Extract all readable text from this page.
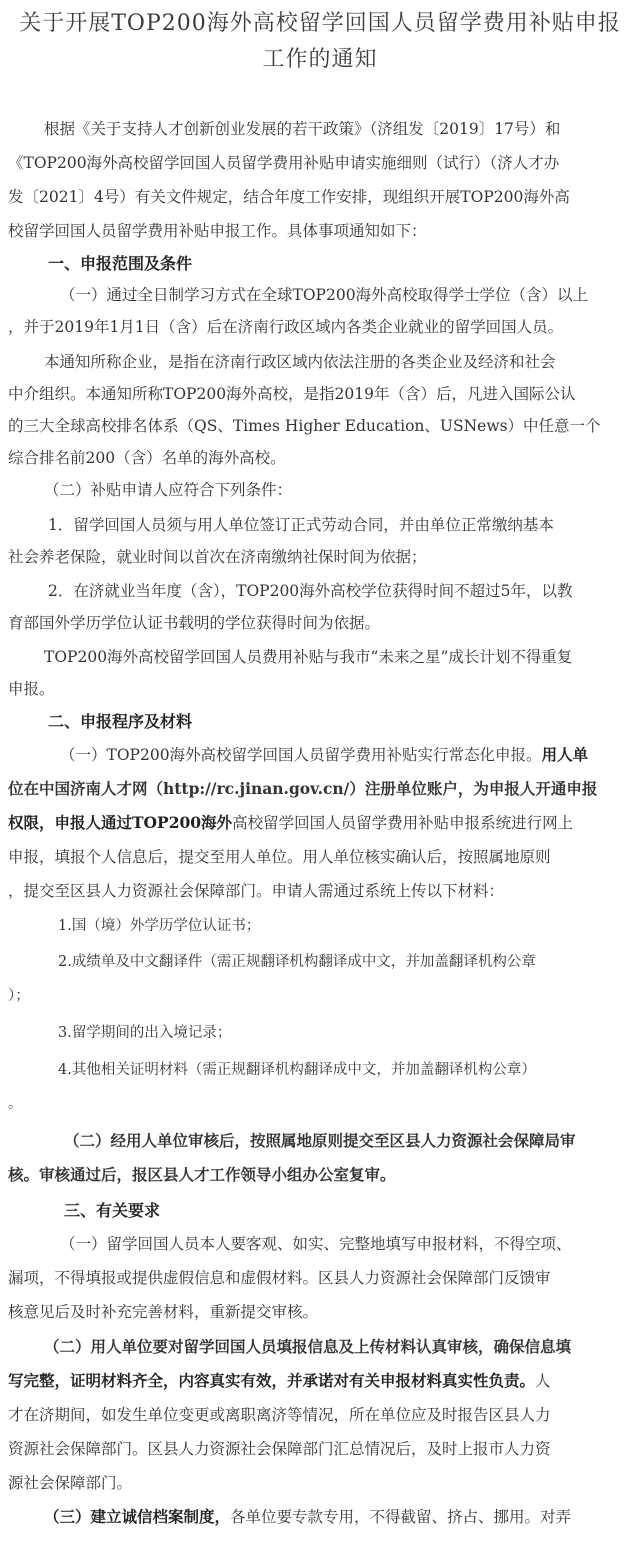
关于开展TOP200海外高校留学回国人员留学费用补贴申报
工作的通知
根据《关于支持人才创新创业发展的若干政策》（济组发〔2019〕17号）和
《TOP200海外高校留学回国人员留学费用补贴申请实施细则（试行）（济人才办
发〔2021〕4号）有关文件规定，结合年度工作安排，现组织开展TOP200海外高
校留学回国人员留学费用补贴申报工作。具体事项通知如下：
一、申报范围及条件
（一）通过全日制学习方式在全球TOP200海外高校取得学士学位（含）以上
，并于2019年1月1日（含）后在济南行政区域内各类企业就业的留学回国人员。
本通知所称企业，是指在济南行政区域内依法注册的各类企业及经济和社会
中介组织。本通知所称TOP200海外高校，是指2019年（含）后，凡进入国际公认
的三大全球高校排名体系（QS、Times Higher Education、USNews）中任意一个
综合排名前200（含）名单的海外高校。
（二）补贴申请人应符合下列条件：
1．留学回国人员须与用人单位签订正式劳动合同，并由单位正常缴纳基本
社会养老保险，就业时间以首次在济南缴纳社保时间为依据；
2．在济就业当年度（含），TOP200海外高校学位获得时间不超过5年，以教
育部国外学历学位认证书载明的学位获得时间为依据。
TOP200海外高校留学回国人员费用补贴与我市“未来之星”成长计划不得重复
申报。
二、申报程序及材料
（一）TOP200海外高校留学回国人员留学费用补贴实行常态化申报。用人单
位在中国济南人才网（http://rc.jinan.gov.cn/）注册单位账户，为申报人开通申报
权限，申报人通过TOP200海外高校留学回国人员留学费用补贴申报系统进行网上
申报，填报个人信息后，提交至用人单位。用人单位核实确认后，按照属地原则
，提交至区县人力资源社会保障部门。申请人需通过系统上传以下材料：
1.国（境）外学历学位认证书；
2.成绩单及中文翻译件（需正规翻译机构翻译成中文，并加盖翻译机构公章
）；
3.留学期间的出入境记录；
4.其他相关证明材料（需正规翻译机构翻译成中文，并加盖翻译机构公章）
。
（二）经用人单位审核后，按照属地原则提交至区县人力资源社会保障局审
核。审核通过后，报区县人才工作领导小组办公室复审。
三、有关要求
（一）留学回国人员本人要客观、如实、完整地填写申报材料，不得空项、
漏项，不得填报或提供虚假信息和虚假材料。区县人力资源社会保障部门反馈审
核意见后及时补充完善材料，重新提交审核。
（二）用人单位要对留学回国人员填报信息及上传材料认真审核，确保信息填
写完整，证明材料齐全，内容真实有效，并承诺对有关申报材料真实性负责。人
才在济期间，如发生单位变更或离职离济等情况，所在单位应及时报告区县人力
资源社会保障部门。区县人力资源社会保障部门汇总情况后，及时上报市人力资
源社会保障部门。
（三）建立诚信档案制度，各单位要专款专用，不得截留、挤占、挪用。对弄
